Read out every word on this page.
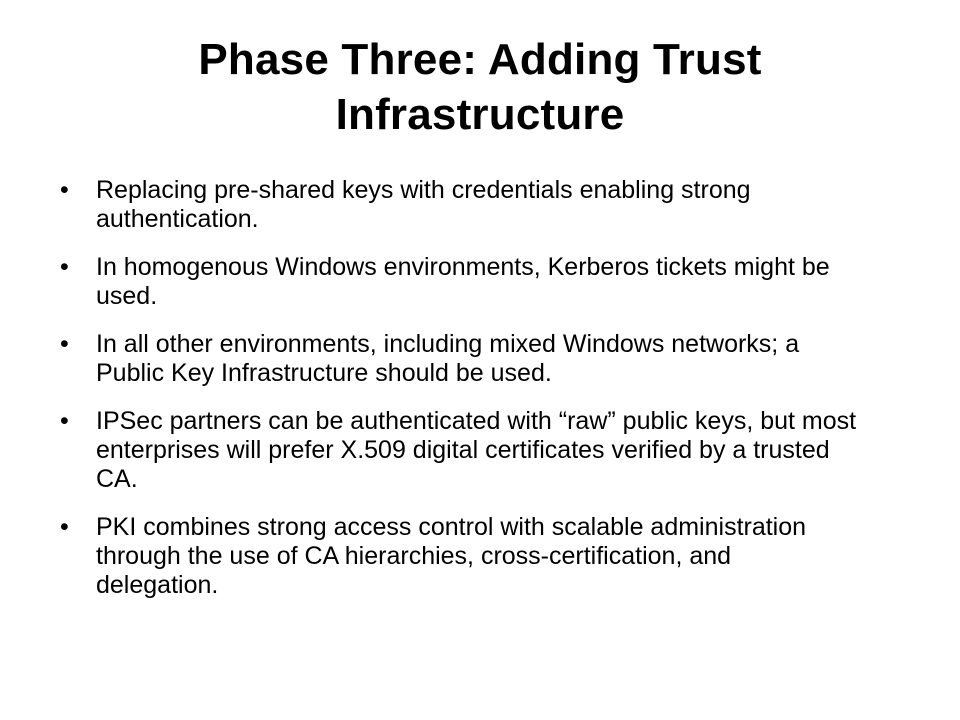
Phase Three: Adding Trust Infrastructure
• Replacing pre-shared keys with credentials enabling strong authentication.
• In homogenous Windows environments, Kerberos tickets might be used.
• In all other environments, including mixed Windows networks; a Public Key Infrastructure should be used.
• IPSec partners can be authenticated with “raw” public keys, but most enterprises will prefer X.509 digital certificates verified by a trusted CA.
• PKI combines strong access control with scalable administration through the use of CA hierarchies, cross-certification, and delegation.
